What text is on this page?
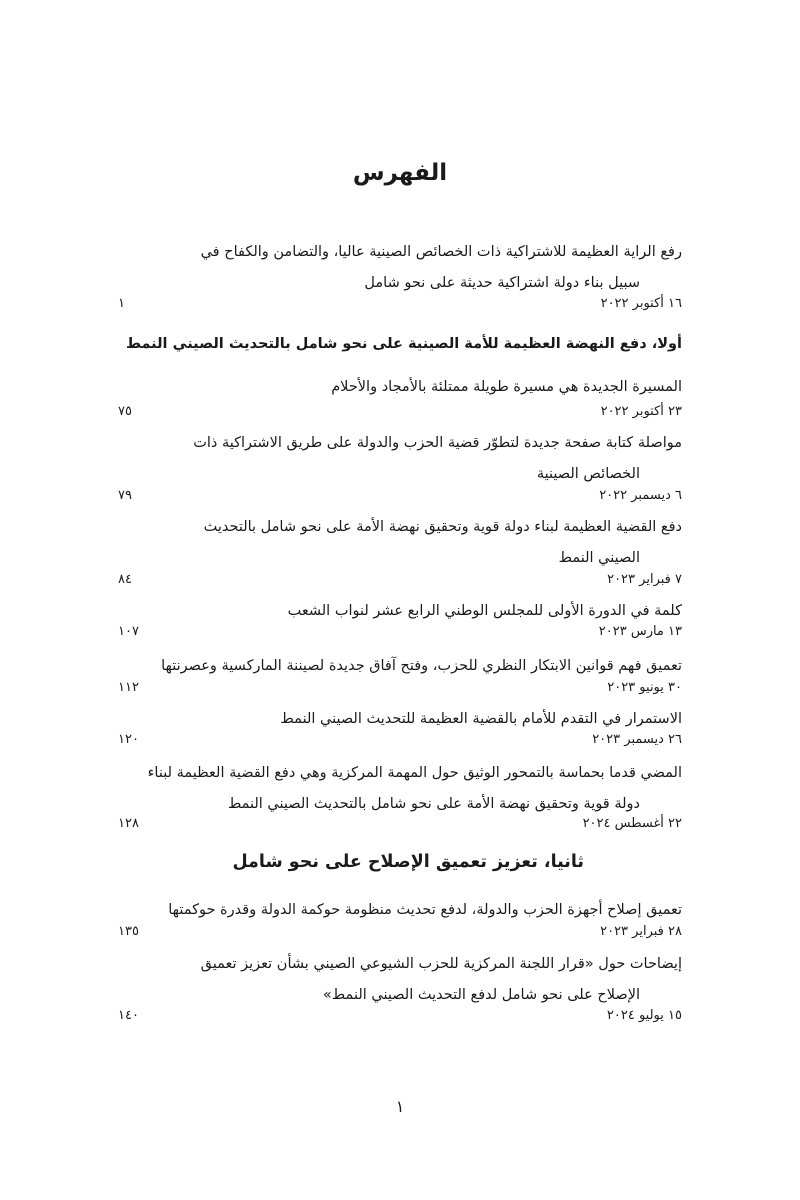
الفهرس
رفع الراية العظيمة للاشتراكية ذات الخصائص الصينية عاليا، والتضامن والكفاح في
سبيل بناء دولة اشتراكية حديثة على نحو شامل
١٦ أكتوبر ٢٠٢٢
١
أولا، دفع النهضة العظيمة للأمة الصينية على نحو شامل بالتحديث الصيني النمط
المسيرة الجديدة هي مسيرة طويلة ممتلئة بالأمجاد والأحلام
٢٣ أكتوبر ٢٠٢٢
٧٥
مواصلة كتابة صفحة جديدة لتطوّر قضية الحزب والدولة على طريق الاشتراكية ذات
الخصائص الصينية
٦ ديسمبر ٢٠٢٢
٧٩
دفع القضية العظيمة لبناء دولة قوية وتحقيق نهضة الأمة على نحو شامل بالتحديث
الصيني النمط
٧ فبراير ٢٠٢٣
٨٤
كلمة في الدورة الأولى للمجلس الوطني الرابع عشر لنواب الشعب
١٣ مارس ٢٠٢٣
١٠٧
تعميق فهم قوانين الابتكار النظري للحزب، وفتح آفاق جديدة لصيننة الماركسية وعصرنتها
٣٠ يونيو ٢٠٢٣
١١٢
الاستمرار في التقدم للأمام بالقضية العظيمة للتحديث الصيني النمط
٢٦ ديسمبر ٢٠٢٣
١٢٠
المضي قدما بحماسة بالتمحور الوثيق حول المهمة المركزية وهي دفع القضية العظيمة لبناء
دولة قوية وتحقيق نهضة الأمة على نحو شامل بالتحديث الصيني النمط
٢٢ أغسطس ٢٠٢٤
١٢٨
ثانيا، تعزيز تعميق الإصلاح على نحو شامل
تعميق إصلاح أجهزة الحزب والدولة، لدفع تحديث منظومة حوكمة الدولة وقدرة حوكمتها
٢٨ فبراير ٢٠٢٣
١٣٥
إيضاحات حول «قرار اللجنة المركزية للحزب الشيوعي الصيني بشأن تعزيز تعميق
الإصلاح على نحو شامل لدفع التحديث الصيني النمط»
١٥ يوليو ٢٠٢٤
١٤٠
١
